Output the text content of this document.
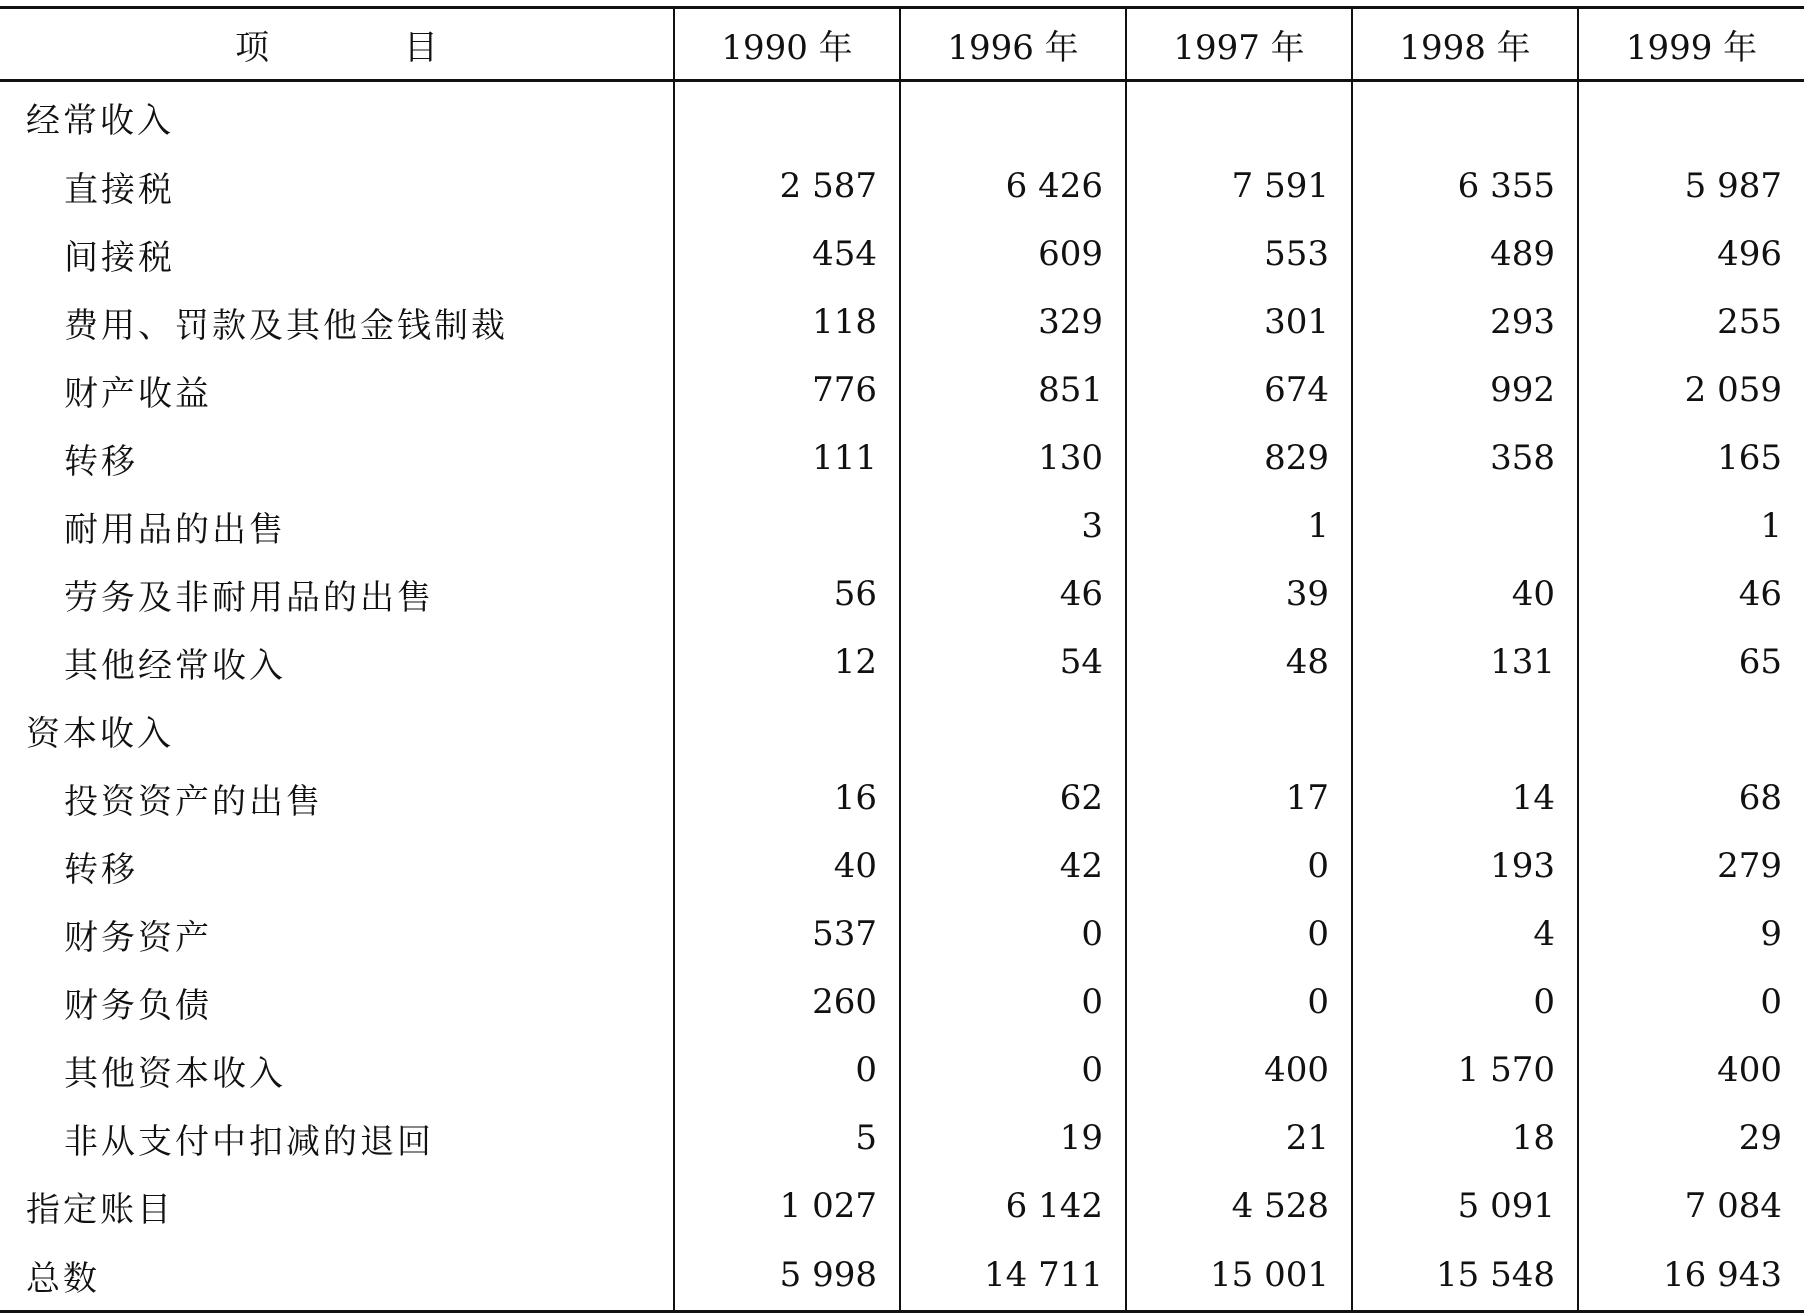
项 目	1990 年	1996 年	1997 年	1998 年	1999 年
经常收入					
直接税	2 587	6 426	7 591	6 355	5 987
间接税	454	609	553	489	496
费用、罚款及其他金钱制裁	118	329	301	293	255
财产收益	776	851	674	992	2 059
转移	111	130	829	358	165
耐用品的出售		3	1		1
劳务及非耐用品的出售	56	46	39	40	46
其他经常收入	12	54	48	131	65
资本收入					
投资资产的出售	16	62	17	14	68
转移	40	42	0	193	279
财务资产	537	0	0	4	9
财务负债	260	0	0	0	0
其他资本收入	0	0	400	1 570	400
非从支付中扣减的退回	5	19	21	18	29
指定账目	1 027	6 142	4 528	5 091	7 084
总数	5 998	14 711	15 001	15 548	16 943
